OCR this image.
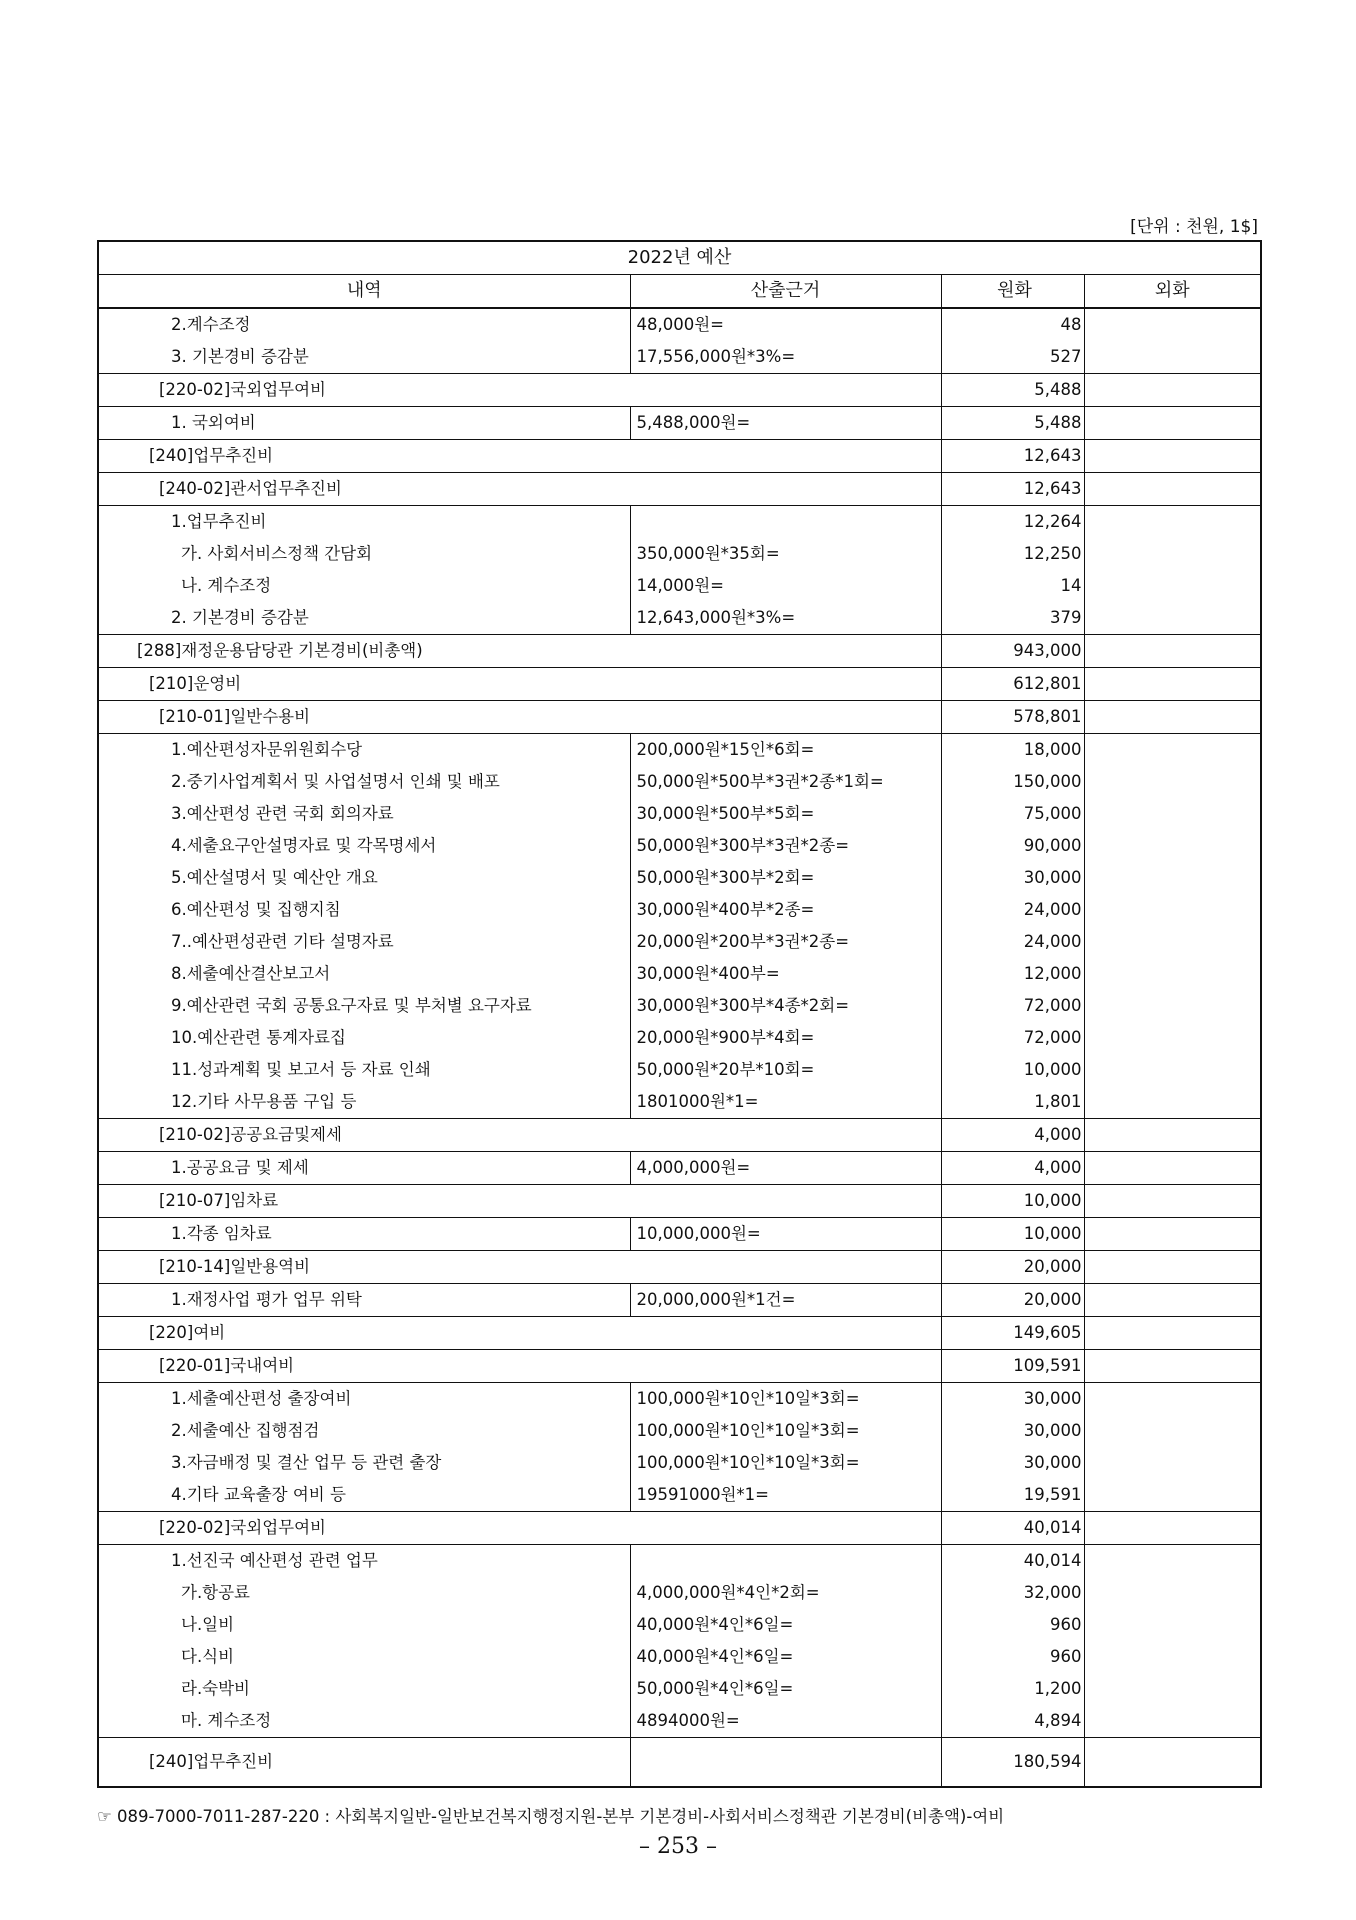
[단위 : 천원, 1$]
2022년 예산			
내역	산출근거	원화	외화
2.계수조정	48,000원=	48	
3. 기본경비 증감분	17,556,000원*3%=	527	
[220-02]국외업무여비		5,488	
1. 국외여비	5,488,000원=	5,488	
[240]업무추진비		12,643	
[240-02]관서업무추진비		12,643	
1.업무추진비		12,264	
가. 사회서비스정책 간담회	350,000원*35회=	12,250	
나. 계수조정	14,000원=	14	
2. 기본경비 증감분	12,643,000원*3%=	379	
[288]재정운용담당관 기본경비(비총액)		943,000	
[210]운영비		612,801	
[210-01]일반수용비		578,801	
1.예산편성자문위원회수당	200,000원*15인*6회=	18,000	
2.중기사업계획서 및 사업설명서 인쇄 및 배포	50,000원*500부*3권*2종*1회=	150,000	
3.예산편성 관련 국회 회의자료	30,000원*500부*5회=	75,000	
4.세출요구안설명자료 및 각목명세서	50,000원*300부*3권*2종=	90,000	
5.예산설명서 및 예산안 개요	50,000원*300부*2회=	30,000	
6.예산편성 및 집행지침	30,000원*400부*2종=	24,000	
7..예산편성관련 기타 설명자료	20,000원*200부*3권*2종=	24,000	
8.세출예산결산보고서	30,000원*400부=	12,000	
9.예산관련 국회 공통요구자료 및 부처별 요구자료	30,000원*300부*4종*2회=	72,000	
10.예산관련 통계자료집	20,000원*900부*4회=	72,000	
11.성과계획 및 보고서 등 자료 인쇄	50,000원*20부*10회=	10,000	
12.기타 사무용품 구입 등	1801000원*1=	1,801	
[210-02]공공요금및제세		4,000	
1.공공요금 및 제세	4,000,000원=	4,000	
[210-07]임차료		10,000	
1.각종 임차료	10,000,000원=	10,000	
[210-14]일반용역비		20,000	
1.재정사업 평가 업무 위탁	20,000,000원*1건=	20,000	
[220]여비		149,605	
[220-01]국내여비		109,591	
1.세출예산편성 출장여비	100,000원*10인*10일*3회=	30,000	
2.세출예산 집행점검	100,000원*10인*10일*3회=	30,000	
3.자금배정 및 결산 업무 등 관련 출장	100,000원*10인*10일*3회=	30,000	
4.기타 교육출장 여비 등	19591000원*1=	19,591	
[220-02]국외업무여비		40,014	
1.선진국 예산편성 관련 업무		40,014	
가.항공료	4,000,000원*4인*2회=	32,000	
나.일비	40,000원*4인*6일=	960	
다.식비	40,000원*4인*6일=	960	
라.숙박비	50,000원*4인*6일=	1,200	
마. 계수조정	4894000원=	4,894	
[240]업무추진비		180,594	
☞ 089-7000-7011-287-220 : 사회복지일반-일반보건복지행정지원-본부 기본경비-사회서비스정책관 기본경비(비총액)-여비
– 253 –
